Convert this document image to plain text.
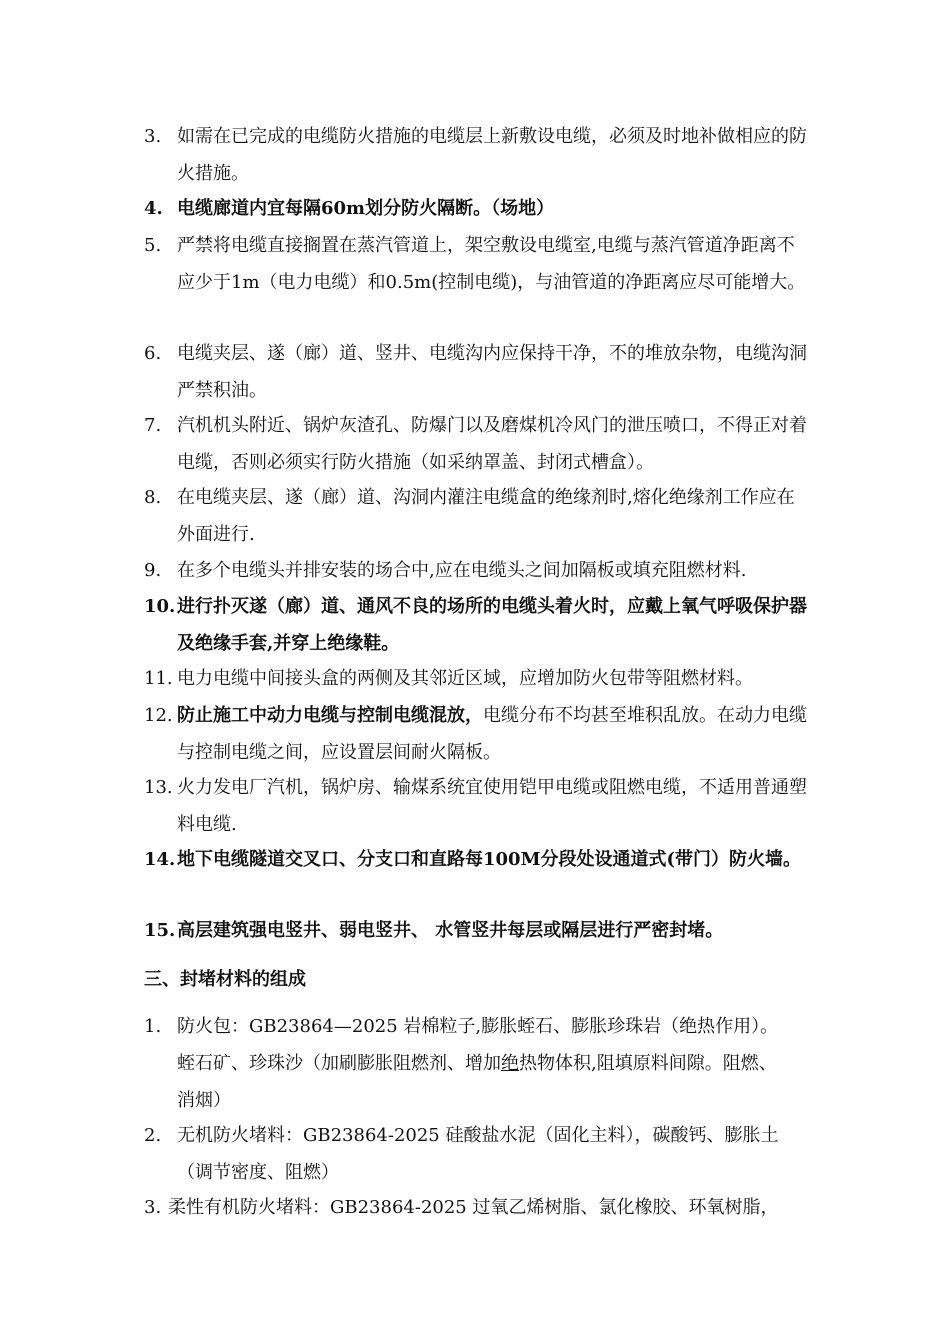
3. 如需在已完成的电缆防火措施的电缆层上新敷设电缆，必须及时地补做相应的防火措施。
4. 电缆廊道内宜每隔60m划分防火隔断。（场地）
5. 严禁将电缆直接搁置在蒸汽管道上，架空敷设电缆室,电缆与蒸汽管道净距离不应少于1m（电力电缆）和0.5m(控制电缆)，与油管道的净距离应尽可能增大。
6. 电缆夹层、遂（廊）道、竖井、电缆沟内应保持干净，不的堆放杂物，电缆沟洞严禁积油。
7. 汽机机头附近、锅炉灰渣孔、防爆门以及磨煤机冷风门的泄压喷口，不得正对着电缆，否则必须实行防火措施（如采纳罩盖、封闭式槽盒）。
8. 在电缆夹层、遂（廊）道、沟洞内灌注电缆盒的绝缘剂时,熔化绝缘剂工作应在外面进行.
9. 在多个电缆头并排安装的场合中,应在电缆头之间加隔板或填充阻燃材料.
10. 进行扑灭遂（廊）道、通风不良的场所的电缆头着火时，应戴上氧气呼吸保护器及绝缘手套,并穿上绝缘鞋。
11. 电力电缆中间接头盒的两侧及其邻近区域，应增加防火包带等阻燃材料。
12. 防止施工中动力电缆与控制电缆混放，电缆分布不均甚至堆积乱放。在动力电缆与控制电缆之间，应设置层间耐火隔板。
13. 火力发电厂汽机，锅炉房、输煤系统宜使用铠甲电缆或阻燃电缆，不适用普通塑料电缆.
14. 地下电缆隧道交叉口、分支口和直路每100M分段处设通道式(带门）防火墙。
15. 高层建筑强电竖井、弱电竖井、 水管竖井每层或隔层进行严密封堵。
三、封堵材料的组成
1. 防火包：GB23864—2025 岩棉粒子,膨胀蛭石、膨胀珍珠岩（绝热作用）。
蛭石矿、珍珠沙（加刷膨胀阻燃剂、增加绝热物体积,阻填原料间隙。阻燃、
消烟）
2. 无机防火堵料：GB23864-2025 硅酸盐水泥（固化主料），碳酸钙、膨胀土
（调节密度、阻燃）
3. 柔性有机防火堵料：GB23864-2025 过氧乙烯树脂、氯化橡胶、环氧树脂，
